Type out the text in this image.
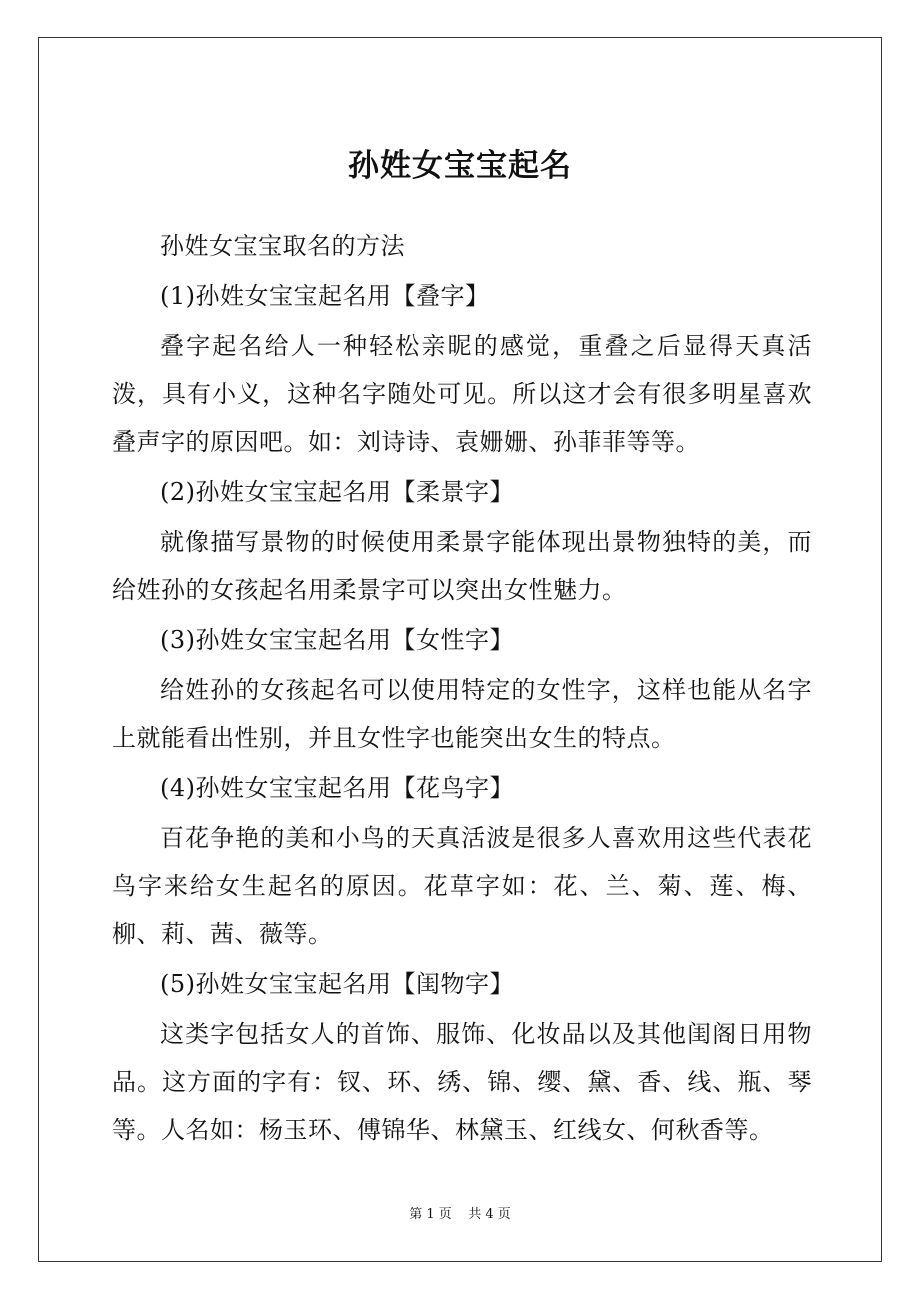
孙姓女宝宝起名

孙姓女宝宝取名的方法

(1)孙姓女宝宝起名用【叠字】

叠字起名给人一种轻松亲昵的感觉，重叠之后显得天真活泼，具有小义，这种名字随处可见。所以这才会有很多明星喜欢叠声字的原因吧。如：刘诗诗、袁姗姗、孙菲菲等等。

(2)孙姓女宝宝起名用【柔景字】

就像描写景物的时候使用柔景字能体现出景物独特的美，而给姓孙的女孩起名用柔景字可以突出女性魅力。

(3)孙姓女宝宝起名用【女性字】

给姓孙的女孩起名可以使用特定的女性字，这样也能从名字上就能看出性别，并且女性字也能突出女生的特点。

(4)孙姓女宝宝起名用【花鸟字】

百花争艳的美和小鸟的天真活波是很多人喜欢用这些代表花鸟字来给女生起名的原因。花草字如：花、兰、菊、莲、梅、柳、莉、茜、薇等。

(5)孙姓女宝宝起名用【闺物字】

这类字包括女人的首饰、服饰、化妆品以及其他闺阁日用物品。这方面的字有：钗、环、绣、锦、缨、黛、香、线、瓶、琴等。人名如：杨玉环、傅锦华、林黛玉、红线女、何秋香等。

第 1 页    共 4 页
